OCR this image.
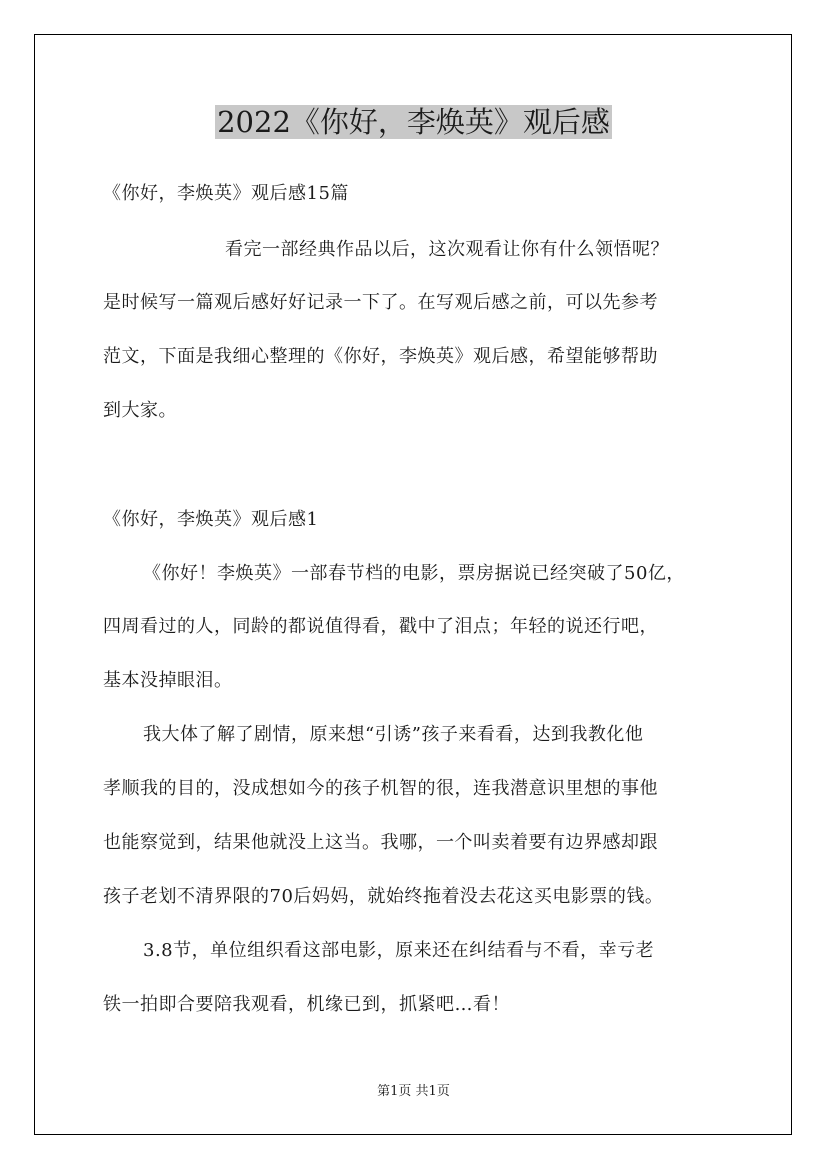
2022《你好，李焕英》观后感
《你好，李焕英》观后感15篇
看完一部经典作品以后，这次观看让你有什么领悟呢？
是时候写一篇观后感好好记录一下了。在写观后感之前，可以先参考
范文，下面是我细心整理的《你好，李焕英》观后感，希望能够帮助
到大家。
《你好，李焕英》观后感1
《你好！李焕英》一部春节档的电影，票房据说已经突破了50亿，
四周看过的人，同龄的都说值得看，戳中了泪点；年轻的说还行吧，
基本没掉眼泪。
我大体了解了剧情，原来想“引诱”孩子来看看，达到我教化他
孝顺我的目的，没成想如今的孩子机智的很，连我潜意识里想的事他
也能察觉到，结果他就没上这当。我哪，一个叫卖着要有边界感却跟
孩子老划不清界限的70后妈妈，就始终拖着没去花这买电影票的钱。
3.8节，单位组织看这部电影，原来还在纠结看与不看，幸亏老
铁一拍即合要陪我观看，机缘已到，抓紧吧…看！
第1页 共1页
